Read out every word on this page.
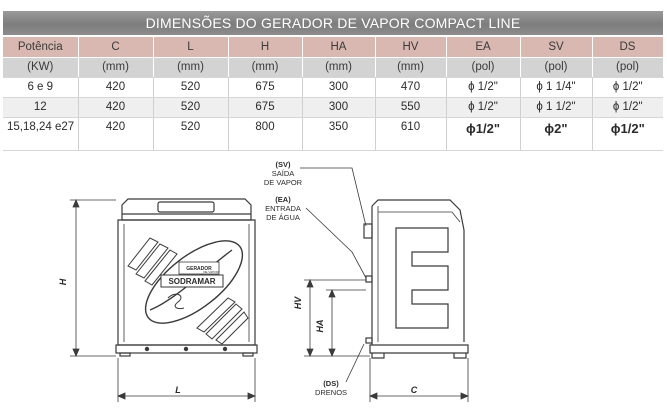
DIMENSÕES DO GERADOR DE VAPOR COMPACT LINE
Potência	C	L	H	HA	HV	EA	SV	DS
(KW)	(mm)	(mm)	(mm)	(mm)	(mm)	(pol)	(pol)	(pol)
6 e 9	420	520	675	300	470	ϕ 1/2"	ϕ 1 1/4"	ϕ 1/2"
12	420	520	675	300	550	ϕ 1/2"	ϕ 1 1/2"	ϕ 1/2"
15,18,24 e27	420	520	800	350	610	ϕ1/2"	ϕ2"	ϕ1/2"
GERADOR
DE VAPOR
SODRAMAR
H
L
(SV)
SAÍDA
DE VAPOR
(EA)
ENTRADA
DE ÁGUA
(DS)
DRENOS
HV
HA
C
